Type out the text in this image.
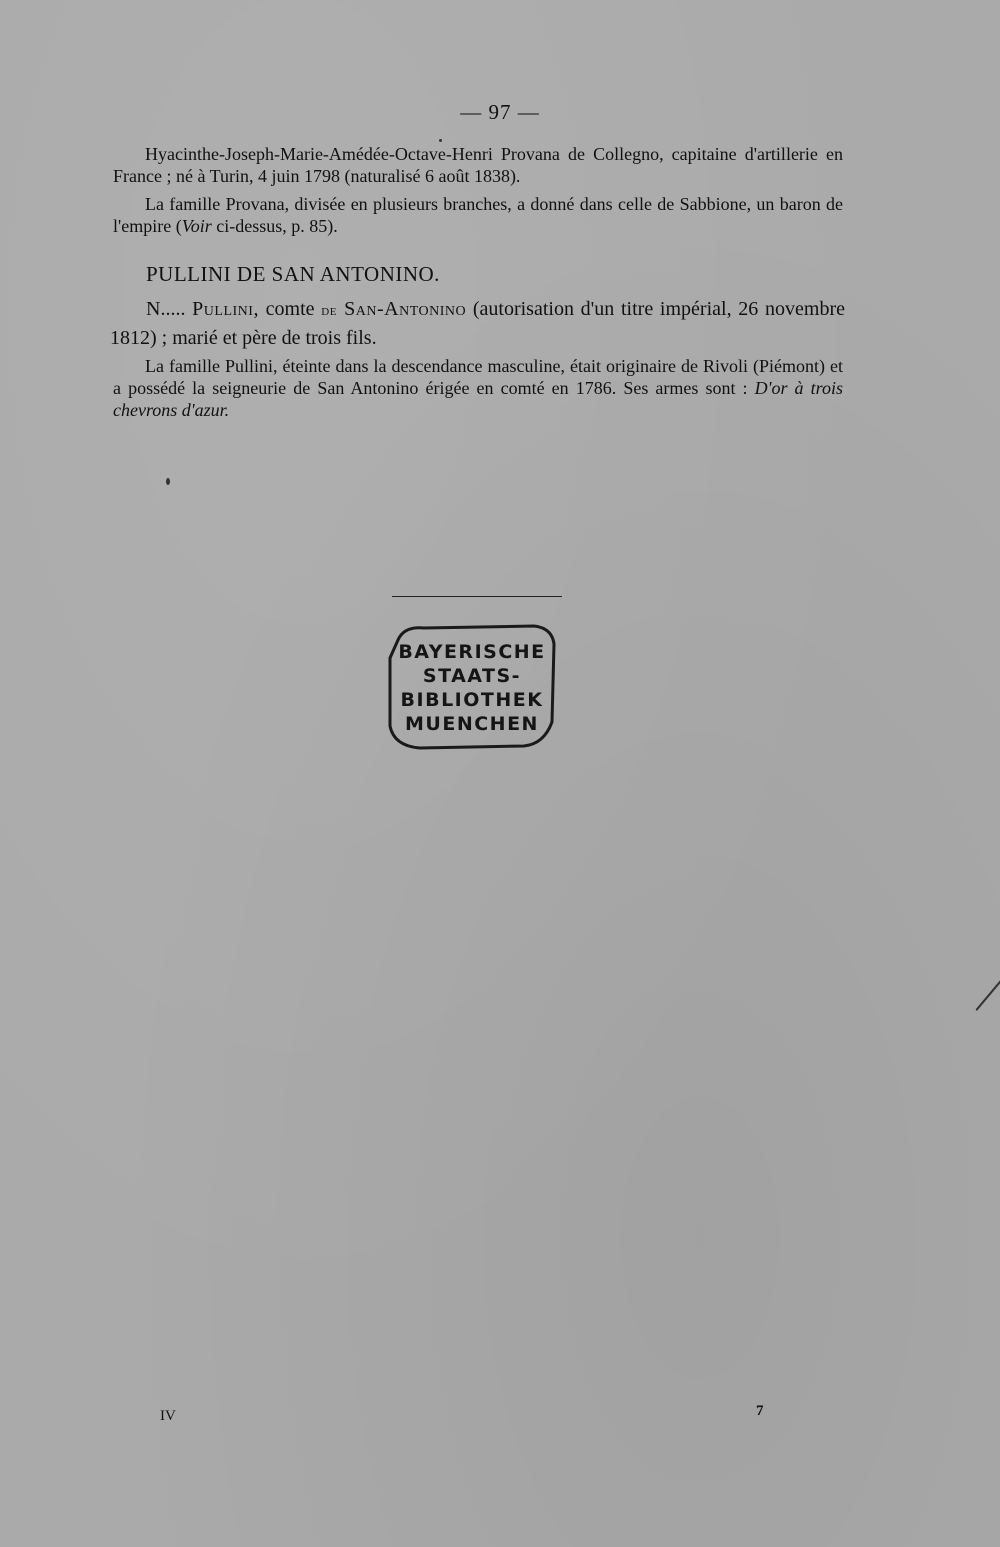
— 97 —

Hyacinthe-Joseph-Marie-Amédée-Octave-Henri Provana de Collegno, capitaine d'artillerie en France ; né à Turin, 4 juin 1798 (naturalisé 6 août 1838).

La famille Provana, divisée en plusieurs branches, a donné dans celle de Sabbione, un baron de l'empire (Voir ci-dessus, p. 85).

PULLINI DE SAN ANTONINO.

N..... Pullini, comte de San-Antonino (autorisation d'un titre impérial, 26 novembre 1812) ; marié et père de trois fils.

La famille Pullini, éteinte dans la descendance masculine, était originaire de Rivoli (Piémont) et a possédé la seigneurie de San Antonino érigée en comté en 1786. Ses armes sont : D'or à trois chevrons d'azur.

BAYERISCHE
STAATS-
BIBLIOTHEK
MUENCHEN
IV	7
